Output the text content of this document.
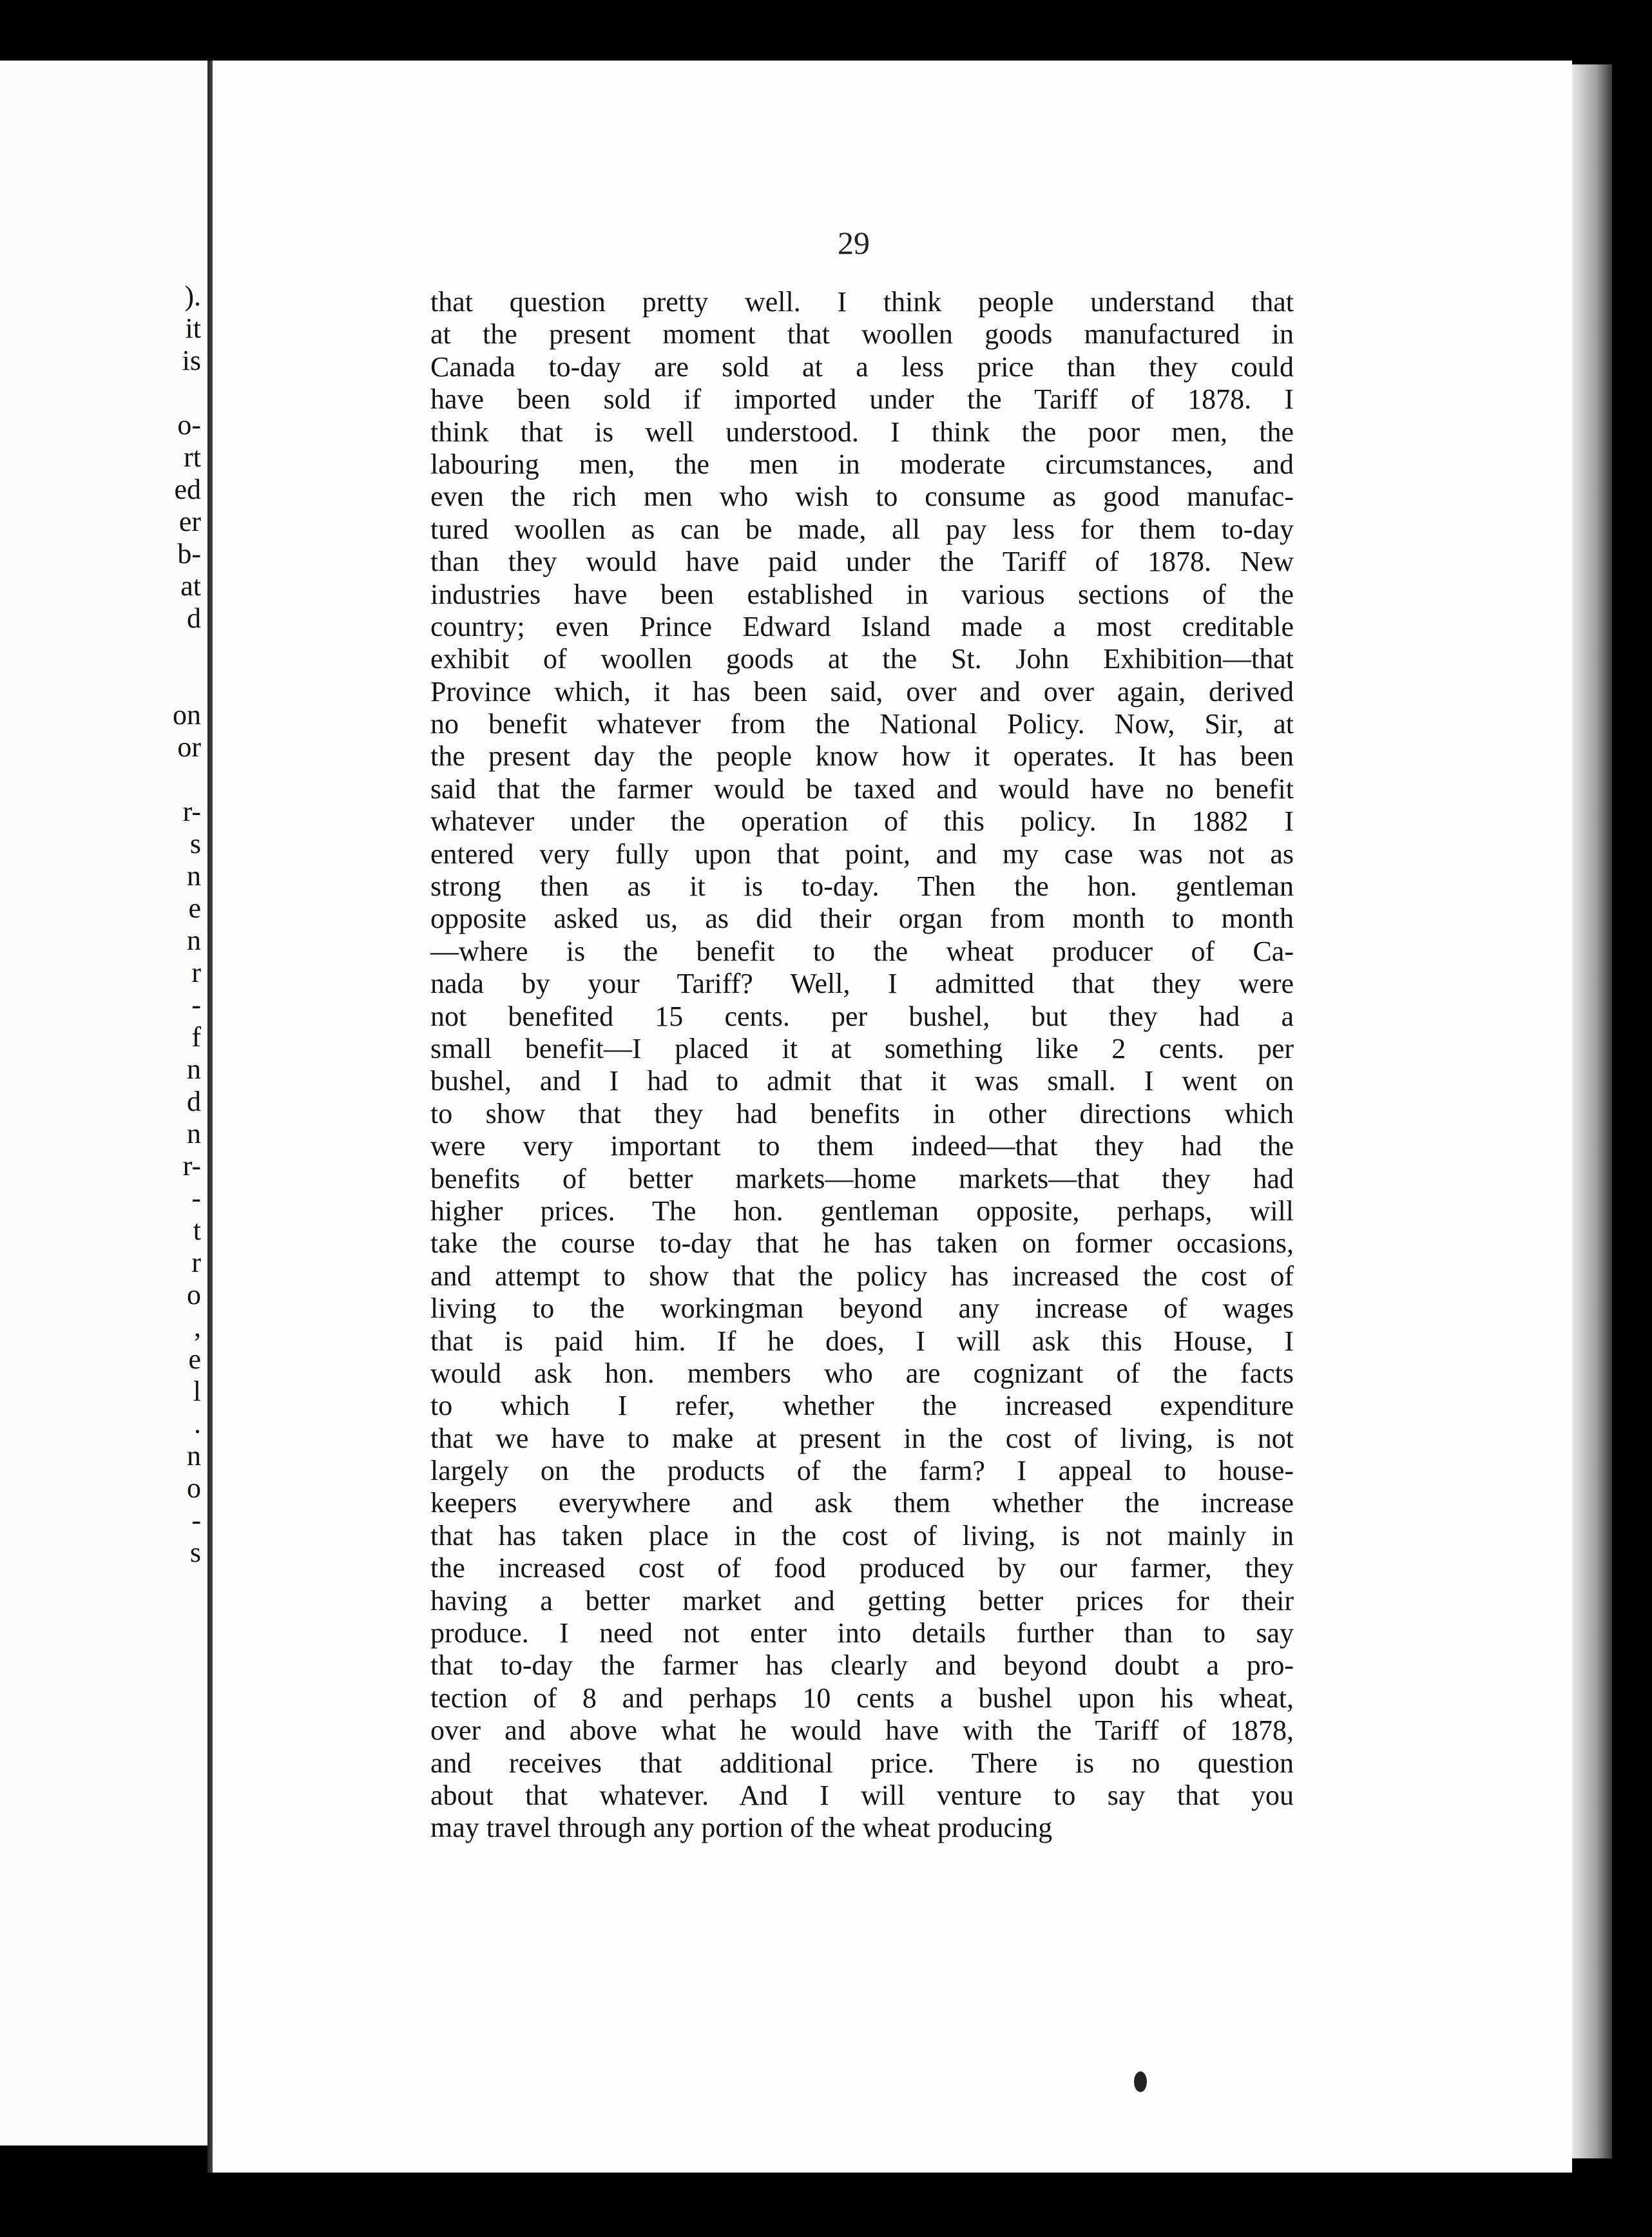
).
it
is
o-
rt
ed
er
b-
at
d
on
or
r-
s
n
e
n
r
-
f
n
d
n
r-
-
t
r
o
,
e
l
.
n
o
-
s
29
that question pretty well. I think people understand that
at the present moment that woollen goods manufactured in
Canada to-day are sold at a less price than they could
have been sold if imported under the Tariff of 1878. I
think that is well understood. I think the poor men, the
labouring men, the men in moderate circumstances, and
even the rich men who wish to consume as good manufac-
tured woollen as can be made, all pay less for them to-day
than they would have paid under the Tariff of 1878. New
industries have been established in various sections of the
country; even Prince Edward Island made a most creditable
exhibit of woollen goods at the St. John Exhibition—that
Province which, it has been said, over and over again, derived
no benefit whatever from the National Policy. Now, Sir, at
the present day the people know how it operates. It has been
said that the farmer would be taxed and would have no benefit
whatever under the operation of this policy. In 1882 I
entered very fully upon that point, and my case was not as
strong then as it is to-day. Then the hon. gentleman
opposite asked us, as did their organ from month to month
—where is the benefit to the wheat producer of Ca-
nada by your Tariff? Well, I admitted that they were
not benefited 15 cents. per bushel, but they had a
small benefit—I placed it at something like 2 cents. per
bushel, and I had to admit that it was small. I went on
to show that they had benefits in other directions which
were very important to them indeed—that they had the
benefits of better markets—home markets—that they had
higher prices. The hon. gentleman opposite, perhaps, will
take the course to-day that he has taken on former occasions,
and attempt to show that the policy has increased the cost of
living to the workingman beyond any increase of wages
that is paid him. If he does, I will ask this House, I
would ask hon. members who are cognizant of the facts
to which I refer, whether the increased expenditure
that we have to make at present in the cost of living, is not
largely on the products of the farm? I appeal to house-
keepers everywhere and ask them whether the increase
that has taken place in the cost of living, is not mainly in
the increased cost of food produced by our farmer, they
having a better market and getting better prices for their
produce. I need not enter into details further than to say
that to-day the farmer has clearly and beyond doubt a pro-
tection of 8 and perhaps 10 cents a bushel upon his wheat,
over and above what he would have with the Tariff of 1878,
and receives that additional price. There is no question
about that whatever. And I will venture to say that you
may travel through any portion of the wheat producing
